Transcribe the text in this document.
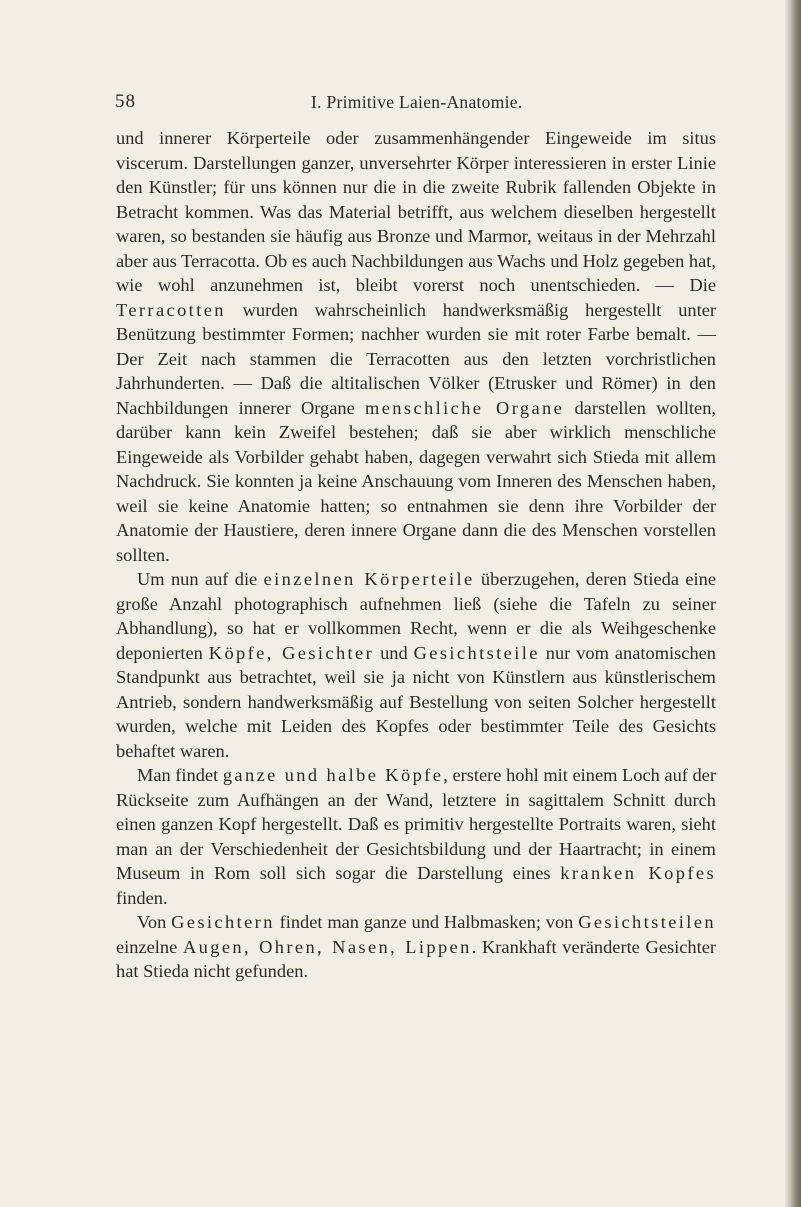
58	I. Primitive Laien-Anatomie.

und innerer Körperteile oder zusammenhängender Eingeweide im situs viscerum. Darstellungen ganzer, unversehrter Körper interessieren in erster Linie den Künstler; für uns können nur die in die zweite Rubrik fallenden Objekte in Betracht kommen. Was das Material betrifft, aus welchem dieselben hergestellt waren, so bestanden sie häufig aus Bronze und Marmor, weitaus in der Mehrzahl aber aus Terracotta. Ob es auch Nachbildungen aus Wachs und Holz gegeben hat, wie wohl anzunehmen ist, bleibt vorerst noch unentschieden. — Die Terracotten wurden wahrscheinlich handwerksmäßig hergestellt unter Benützung bestimmter Formen; nachher wurden sie mit roter Farbe bemalt. — Der Zeit nach stammen die Terracotten aus den letzten vorchristlichen Jahrhunderten. — Daß die altitalischen Völker (Etrusker und Römer) in den Nachbildungen innerer Organe menschliche Organe darstellen wollten, darüber kann kein Zweifel bestehen; daß sie aber wirklich menschliche Eingeweide als Vorbilder gehabt haben, dagegen verwahrt sich Stieda mit allem Nachdruck. Sie konnten ja keine Anschauung vom Inneren des Menschen haben, weil sie keine Anatomie hatten; so entnahmen sie denn ihre Vorbilder der Anatomie der Haustiere, deren innere Organe dann die des Menschen vorstellen sollten.

Um nun auf die einzelnen Körperteile überzugehen, deren Stieda eine große Anzahl photographisch aufnehmen ließ (siehe die Tafeln zu seiner Abhandlung), so hat er vollkommen Recht, wenn er die als Weihgeschenke deponierten Köpfe, Gesichter und Gesichtsteile nur vom anatomischen Standpunkt aus betrachtet, weil sie ja nicht von Künstlern aus künstlerischem Antrieb, sondern handwerksmäßig auf Bestellung von seiten Solcher hergestellt wurden, welche mit Leiden des Kopfes oder bestimmter Teile des Gesichts behaftet waren.

Man findet ganze und halbe Köpfe, erstere hohl mit einem Loch auf der Rückseite zum Aufhängen an der Wand, letztere in sagittalem Schnitt durch einen ganzen Kopf hergestellt. Daß es primitiv hergestellte Portraits waren, sieht man an der Verschiedenheit der Gesichtsbildung und der Haartracht; in einem Museum in Rom soll sich sogar die Darstellung eines kranken Kopfes finden.

Von Gesichtern findet man ganze und Halbmasken; von Gesichtsteilen einzelne Augen, Ohren, Nasen, Lippen. Krankhaft veränderte Gesichter hat Stieda nicht gefunden.
